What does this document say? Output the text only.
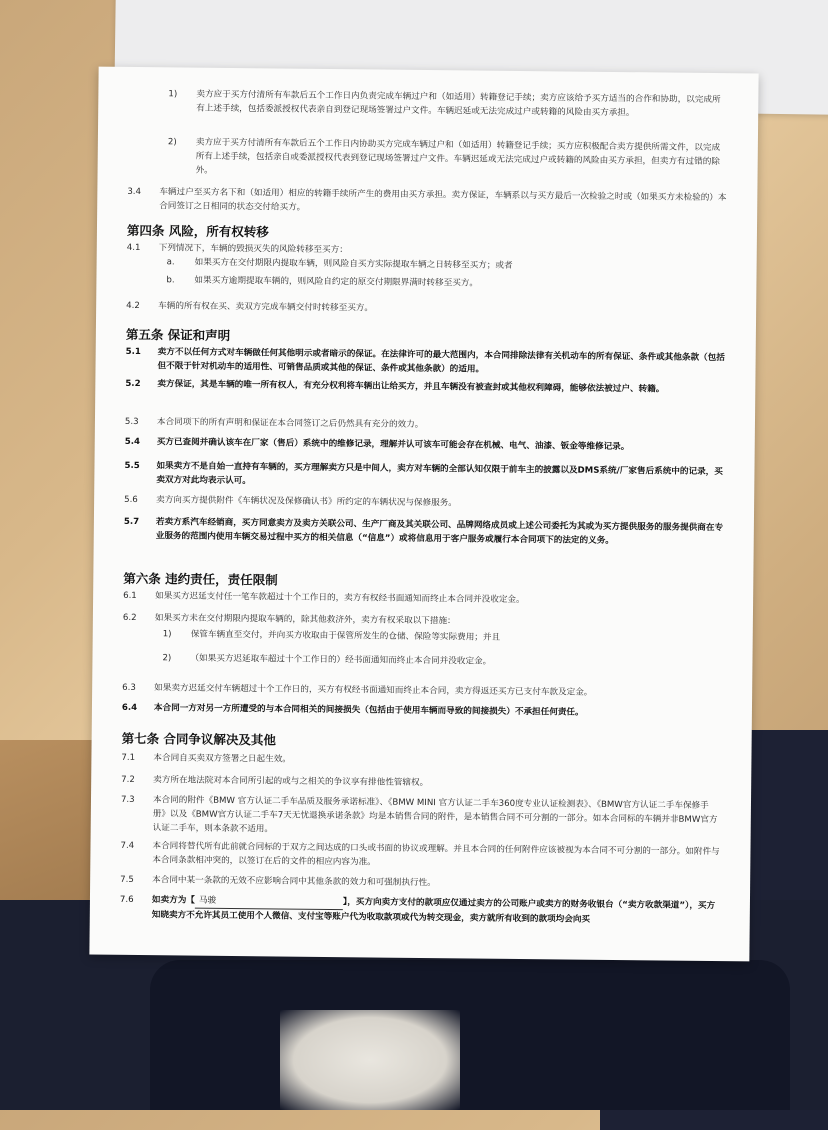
1)	卖方应于买方付清所有车款后五个工作日内负责完成车辆过户和（如适用）转籍登记手续；卖方应该给予买方适当的合作和协助，以完成所有上述手续，包括委派授权代表亲自到登记现场签署过户文件。车辆迟延或无法完成过户或转籍的风险由买方承担。
2)	卖方应于买方付清所有车款后五个工作日内协助买方完成车辆过户和（如适用）转籍登记手续；买方应积极配合卖方提供所需文件，以完成所有上述手续，包括亲自或委派授权代表到登记现场签署过户文件。车辆迟延或无法完成过户或转籍的风险由买方承担，但卖方有过错的除外。
3.4	车辆过户至买方名下和（如适用）相应的转籍手续所产生的费用由买方承担。卖方保证，车辆系以与买方最后一次检验之时或（如果买方未检验的）本合同签订之日相同的状态交付给买方。
第四条 风险，所有权转移
4.1	下列情况下，车辆的毁损灭失的风险转移至买方：
a.	如果买方在交付期限内提取车辆，则风险自买方实际提取车辆之日转移至买方；或者
b.	如果买方逾期提取车辆的，则风险自约定的原交付期限界满时转移至买方。
4.2	车辆的所有权在买、卖双方完成车辆交付时转移至买方。
第五条 保证和声明
5.1	卖方不以任何方式对车辆做任何其他明示或者暗示的保证。在法律许可的最大范围内，本合同排除法律有关机动车的所有保证、条件或其他条款（包括但不限于针对机动车的适用性、可销售品质或其他的保证、条件或其他条款）的适用。
5.2	卖方保证，其是车辆的唯一所有权人，有充分权利将车辆出让给买方，并且车辆没有被查封或其他权利障碍，能够依法被过户、转籍。
5.3	本合同项下的所有声明和保证在本合同签订之后仍然具有充分的效力。
5.4	买方已查阅并确认该车在厂家（售后）系统中的维修记录，理解并认可该车可能会存在机械、电气、油漆、钣金等维修记录。
5.5	如果卖方不是自始一直持有车辆的，买方理解卖方只是中间人，卖方对车辆的全部认知仅限于前车主的披露以及DMS系统/厂家售后系统中的记录，买卖双方对此均表示认可。
5.6	卖方向买方提供附件《车辆状况及保修确认书》所约定的车辆状况与保修服务。
5.7	若卖方系汽车经销商，买方同意卖方及卖方关联公司、生产厂商及其关联公司、品牌网络成员或上述公司委托为其或为买方提供服务的服务提供商在专业服务的范围内使用车辆交易过程中买方的相关信息（“信息”）或将信息用于客户服务或履行本合同项下的法定的义务。
第六条 违约责任，责任限制
6.1	如果买方迟延支付任一笔车款超过十个工作日的，卖方有权经书面通知而终止本合同并没收定金。
6.2	如果买方未在交付期限内提取车辆的，除其他救济外，卖方有权采取以下措施：
1)	保管车辆直至交付，并向买方收取由于保管所发生的仓储、保险等实际费用；并且
2)	（如果买方迟延取车超过十个工作日的）经书面通知而终止本合同并没收定金。
6.3	如果卖方迟延交付车辆超过十个工作日的，买方有权经书面通知而终止本合同，卖方得返还买方已支付车款及定金。
6.4	本合同一方对另一方所遭受的与本合同相关的间接损失（包括由于使用车辆而导致的间接损失）不承担任何责任。
第七条 合同争议解决及其他
7.1	本合同自买卖双方签署之日起生效。
7.2	卖方所在地法院对本合同所引起的或与之相关的争议享有排他性管辖权。
7.3	本合同的附件《BMW 官方认证二手车品质及服务承诺标准》、《BMW MINI 官方认证二手车360度专业认证检测表》、《BMW官方认证二手车保修手册》以及《BMW官方认证二手车7天无忧退换承诺条款》均是本销售合同的附件，是本销售合同不可分割的一部分。如本合同标的车辆并非BMW官方认证二手车，则本条款不适用。
7.4	本合同将替代所有此前就合同标的于双方之间达成的口头或书面的协议或理解。并且本合同的任何附件应该被视为本合同不可分割的一部分。如附件与本合同条款相冲突的，以签订在后的文件的相应内容为准。
7.5	本合同中某一条款的无效不应影响合同中其他条款的效力和可强制执行性。
7.6	如卖方为【 马骏	】，买方向卖方支付的款项应仅通过卖方的公司账户或卖方的财务收银台（“卖方收款渠道”），买方知晓卖方不允许其员工使用个人微信、支付宝等账户代为收取款项或代为转交现金，卖方就所有收到的款项均会向买
